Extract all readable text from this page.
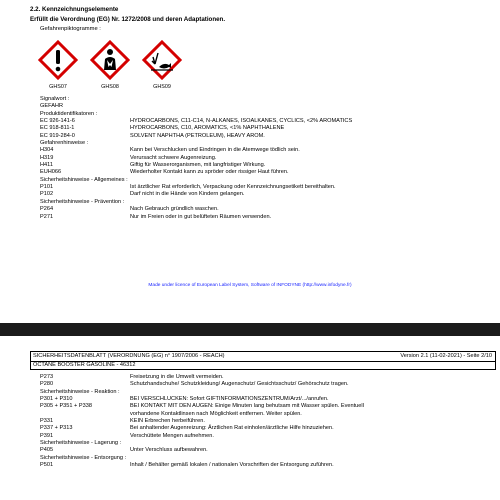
2.2. Kennzeichnungselemente
Erfüllt die Verordnung (EG) Nr. 1272/2008 und deren Adaptationen.
Gefahrenpiktogramme :
GHS07	GHS08	GHS09
Signalwort :
GEFAHR
Produktidentifikatoren :
EC 926-141-6	HYDROCARBONS, C11-C14, N-ALKANES, ISOALKANES, CYCLICS, <2% AROMATICS
EC 918-811-1	HYDROCARBONS, C10, AROMATICS, <1% NAPHTHALENE
EC 919-284-0	SOLVENT NAPHTHA (PETROLEUM), HEAVY AROM.
Gefahrenhinweise :
H304	Kann bei Verschlucken und Eindringen in die Atemwege tödlich sein.
H319	Verursacht schwere Augenreizung.
H411	Giftig für Wasserorganismen, mit langfristiger Wirkung.
EUH066	Wiederholter Kontakt kann zu spröder oder rissiger Haut führen.
Sicherheitshinweise - Allgemeines :
P101	Ist ärztlicher Rat erforderlich, Verpackung oder Kennzeichnungsetikett bereithalten.
P102	Darf nicht in die Hände von Kindern gelangen.
Sicherheitshinweise - Prävention :
P264	Nach Gebrauch gründlich waschen.
P271	Nur im Freien oder in gut belüfteten Räumen verwenden.
Made under licence of European Label System, Software of INFODYNE (http://www.infodyne.fr)
SICHERHEITSDATENBLATT (VERORDNUNG (EG) n° 1907/2006 - REACH)	Version 2.1 (11-02-2021) - Seite 2/10
OCTANE BOOSTER GASOLINE - 46312
P273	Freisetzung in die Umwelt vermeiden.
P280	Schutzhandschuhe/ Schutzkleidung/ Augenschutz/ Gesichtsschutz/ Gehörschutz tragen.
Sicherheitshinweise - Reaktion :
P301 + P310	BEI VERSCHLUCKEN: Sofort GIFTINFORMATIONSZENTRUM/Arzt/.../anrufen.
P305 + P351 + P338	BEI KONTAKT MIT DEN AUGEN: Einige Minuten lang behutsam mit Wasser spülen. Eventuell
vorhandene Kontaktlinsen nach Möglichkeit entfernen. Weiter spülen.
P331	KEIN Erbrechen herbeiführen.
P337 + P313	Bei anhaltender Augenreizung: Ärztlichen Rat einholen/ärztliche Hilfe hinzuziehen.
P391	Verschüttete Mengen aufnehmen.
Sicherheitshinweise - Lagerung :
P405	Unter Verschluss aufbewahren.
Sicherheitshinweise - Entsorgung :
P501	Inhalt / Behälter gemäß lokalen / nationalen Vorschriften der Entsorgung zuführen.
